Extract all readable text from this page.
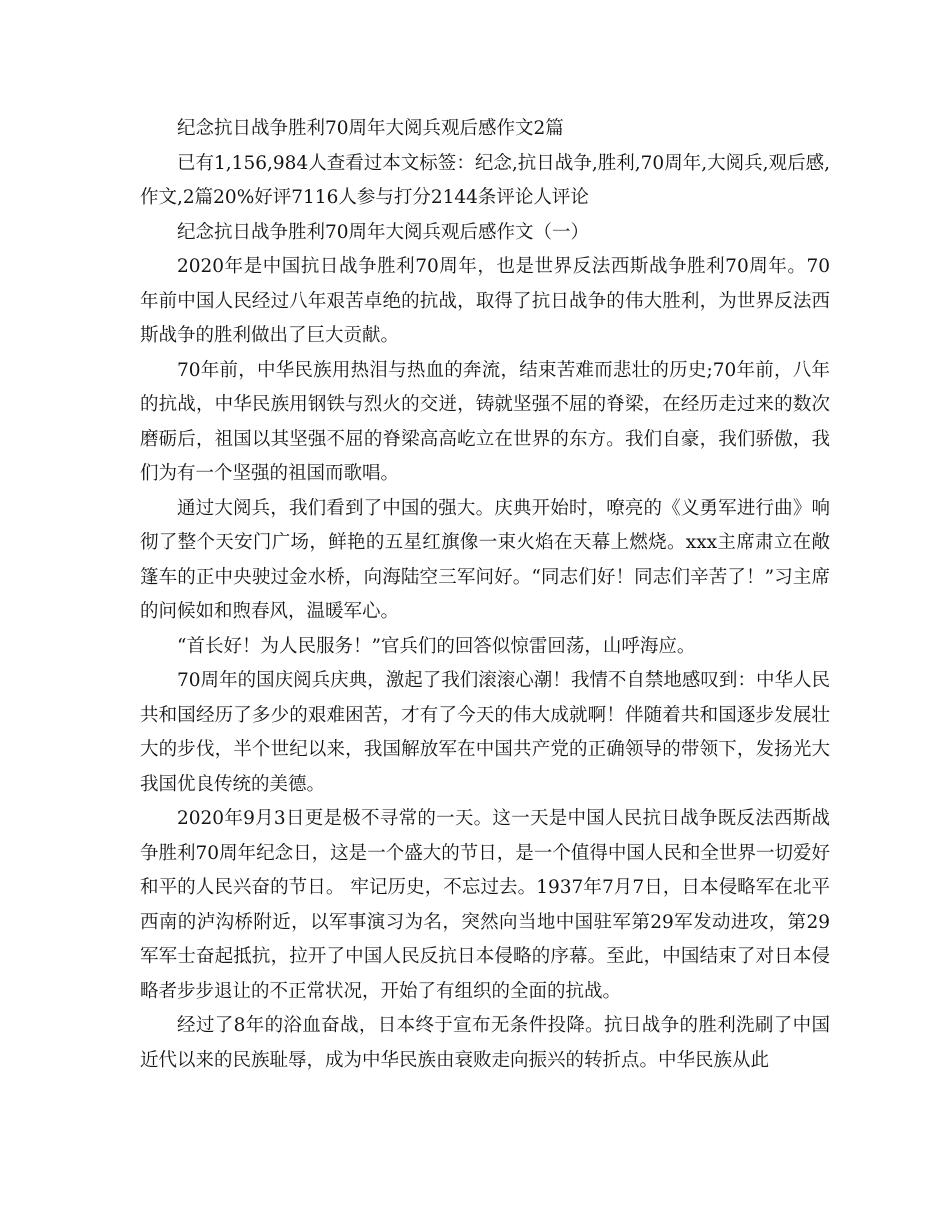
纪念抗日战争胜利70周年大阅兵观后感作文2篇

已有1,156,984人查看过本文标签：纪念,抗日战争,胜利,70周年,大阅兵,观后感,作文,2篇20%好评7116人参与打分2144条评论人评论

纪念抗日战争胜利70周年大阅兵观后感作文（一）

2020年是中国抗日战争胜利70周年，也是世界反法西斯战争胜利70周年。70年前中国人民经过八年艰苦卓绝的抗战，取得了抗日战争的伟大胜利，为世界反法西斯战争的胜利做出了巨大贡献。

70年前，中华民族用热泪与热血的奔流，结束苦难而悲壮的历史;70年前，八年的抗战，中华民族用钢铁与烈火的交迸，铸就坚强不屈的脊梁，在经历走过来的数次磨砺后，祖国以其坚强不屈的脊梁高高屹立在世界的东方。我们自豪，我们骄傲，我们为有一个坚强的祖国而歌唱。

通过大阅兵，我们看到了中国的强大。庆典开始时，嘹亮的《义勇军进行曲》响彻了整个天安门广场，鲜艳的五星红旗像一束火焰在天幕上燃烧。xxx主席肃立在敞篷车的正中央驶过金水桥，向海陆空三军问好。“同志们好！同志们辛苦了！”习主席的问候如和煦春风，温暖军心。

“首长好！为人民服务！”官兵们的回答似惊雷回荡，山呼海应。

70周年的国庆阅兵庆典，激起了我们滚滚心潮！我情不自禁地感叹到：中华人民共和国经历了多少的艰难困苦，才有了今天的伟大成就啊！伴随着共和国逐步发展壮大的步伐，半个世纪以来，我国解放军在中国共产党的正确领导的带领下，发扬光大我国优良传统的美德。

2020年9月3日更是极不寻常的一天。这一天是中国人民抗日战争既反法西斯战争胜利70周年纪念日，这是一个盛大的节日，是一个值得中国人民和全世界一切爱好和平的人民兴奋的节日。 牢记历史，不忘过去。1937年7月7日，日本侵略军在北平西南的泸沟桥附近，以军事演习为名，突然向当地中国驻军第29军发动进攻，第29军军士奋起抵抗，拉开了中国人民反抗日本侵略的序幕。至此，中国结束了对日本侵略者步步退让的不正常状况，开始了有组织的全面的抗战。

经过了8年的浴血奋战，日本终于宣布无条件投降。抗日战争的胜利洗刷了中国近代以来的民族耻辱，成为中华民族由衰败走向振兴的转折点。中华民族从此
